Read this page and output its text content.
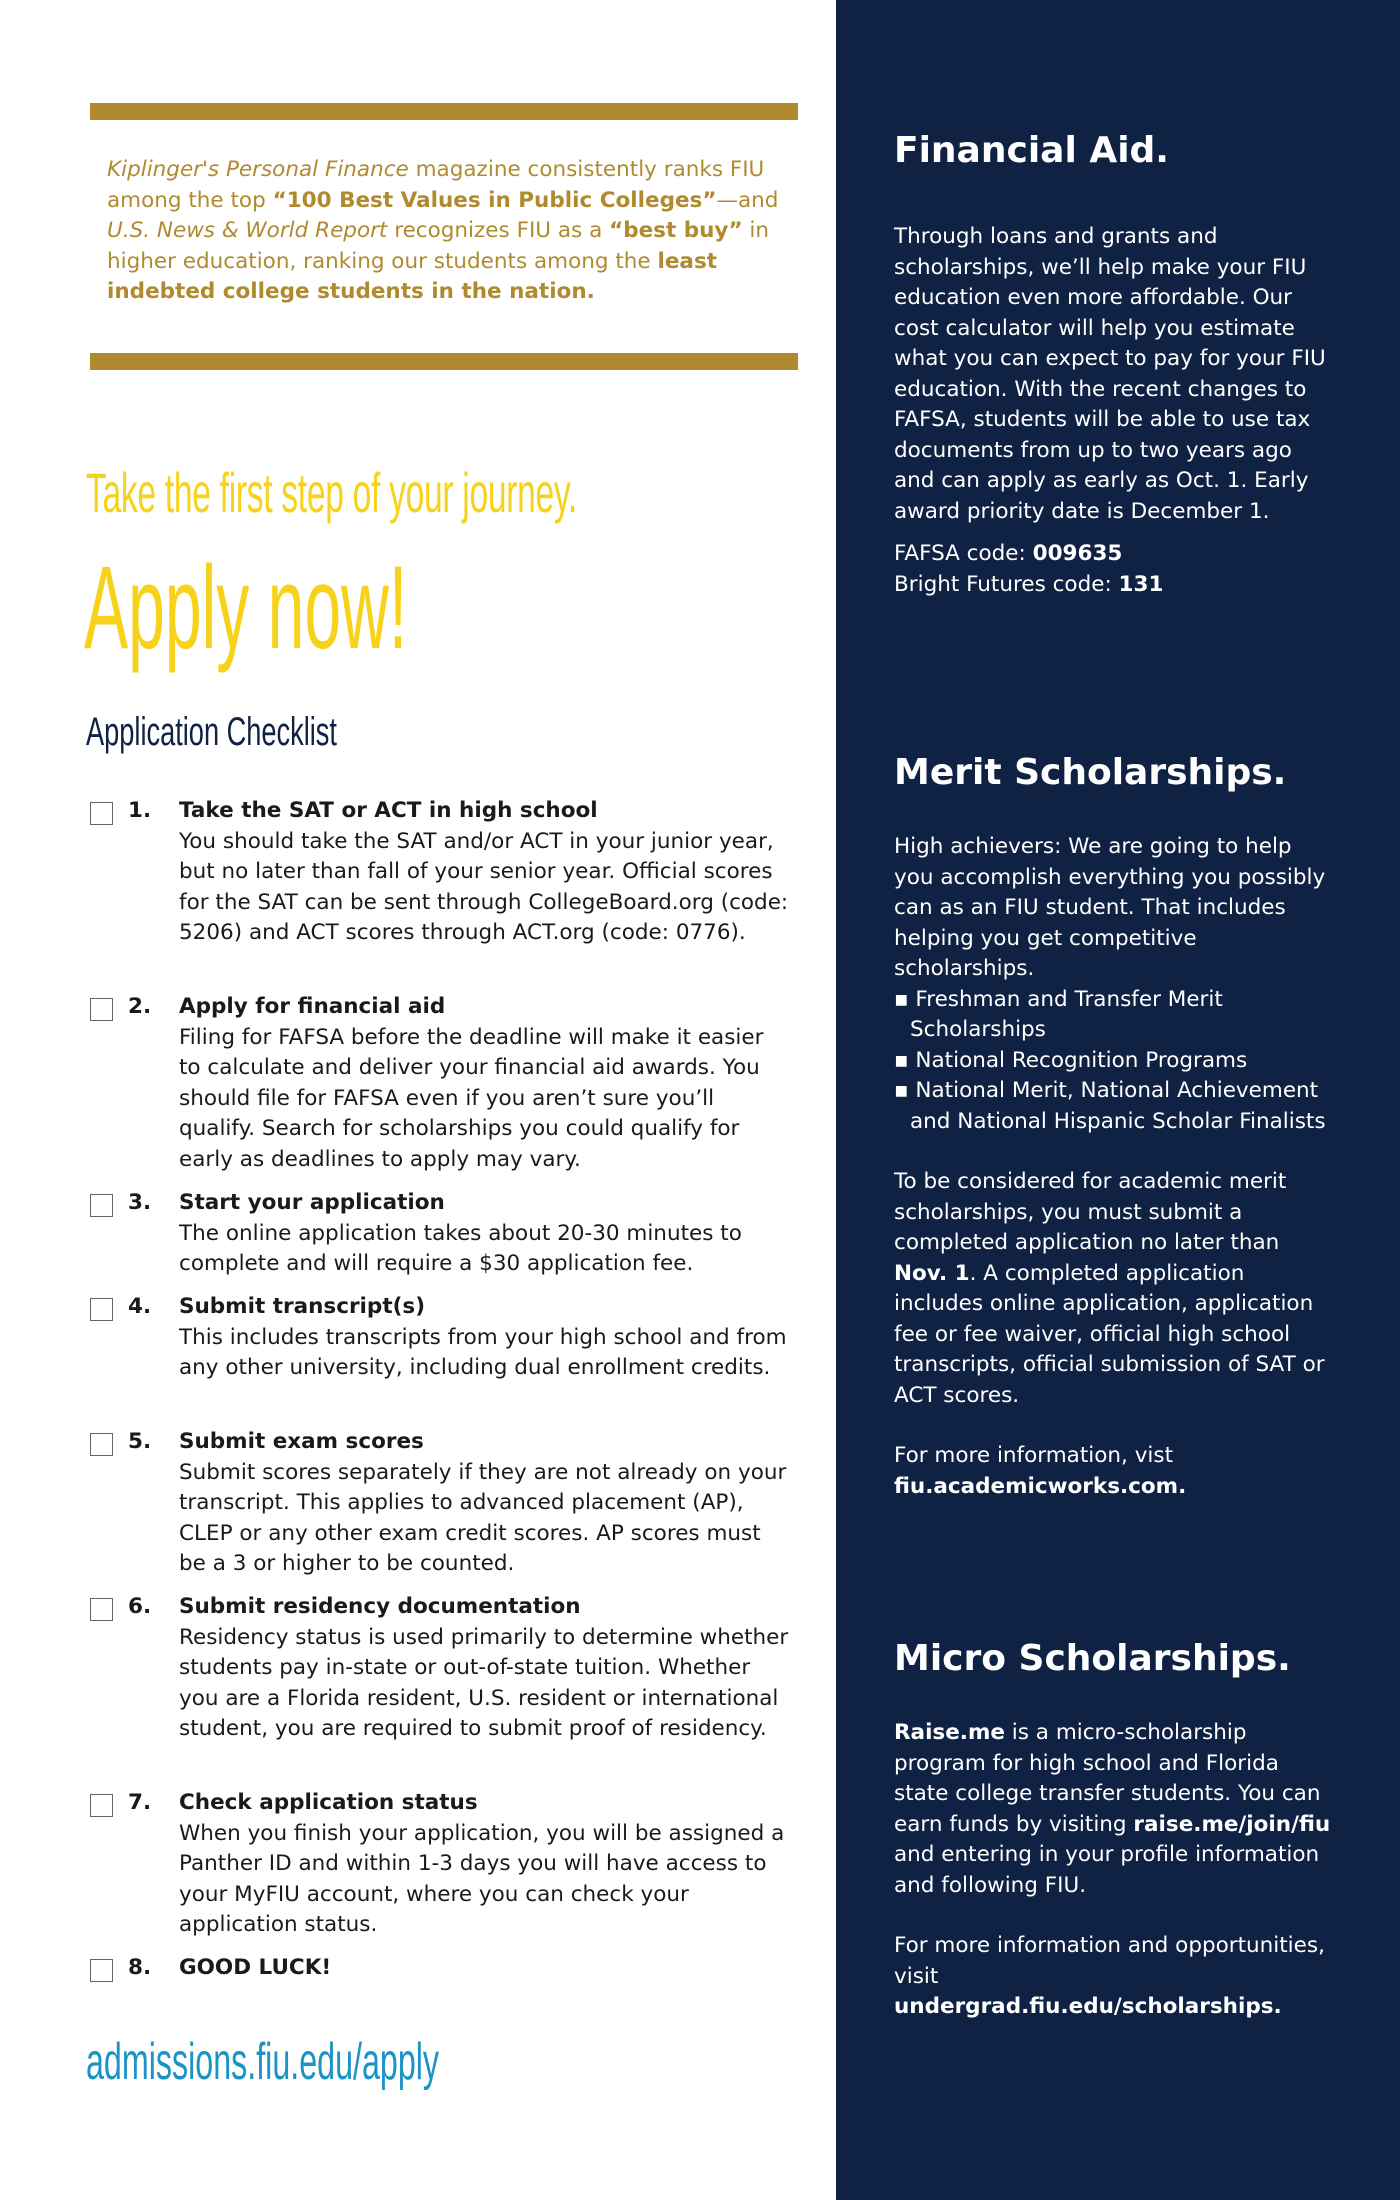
Kiplinger's Personal Finance magazine consistently ranks FIU among the top “100 Best Values in Public Colleges”—and U.S. News & World Report recognizes FIU as a “best buy” in higher education, ranking our students among the least indebted college students in the nation.
Take the first step of your journey.
Apply now!
Application Checklist
1. Take the SAT or ACT in high school
You should take the SAT and/or ACT in your junior year, but no later than fall of your senior year. Official scores for the SAT can be sent through CollegeBoard.org (code: 5206) and ACT scores through ACT.org (code: 0776).
2. Apply for financial aid
Filing for FAFSA before the deadline will make it easier to calculate and deliver your financial aid awards. You should file for FAFSA even if you aren’t sure you’ll qualify. Search for scholarships you could qualify for early as deadlines to apply may vary.
3. Start your application
The online application takes about 20-30 minutes to complete and will require a $30 application fee.
4. Submit transcript(s)
This includes transcripts from your high school and from any other university, including dual enrollment credits.
5. Submit exam scores
Submit scores separately if they are not already on your transcript. This applies to advanced placement (AP), CLEP or any other exam credit scores. AP scores must be a 3 or higher to be counted.
6. Submit residency documentation
Residency status is used primarily to determine whether students pay in-state or out-of-state tuition. Whether you are a Florida resident, U.S. resident or international student, you are required to submit proof of residency.
7. Check application status
When you finish your application, you will be assigned a Panther ID and within 1-3 days you will have access to your MyFIU account, where you can check your application status.
8. GOOD LUCK!
admissions.fiu.edu/apply
Financial Aid.

Through loans and grants and scholarships, we’ll help make your FIU education even more affordable. Our cost calculator will help you estimate what you can expect to pay for your FIU education. With the recent changes to FAFSA, students will be able to use tax documents from up to two years ago and can apply as early as Oct. 1. Early award priority date is December 1.

FAFSA code: 009635

Bright Futures code: 131

Merit Scholarships.

High achievers: We are going to help you accomplish everything you possibly can as an FIU student. That includes helping you get competitive scholarships.

▪ Freshman and Transfer Merit Scholarships
▪ National Recognition Programs
▪ National Merit, National Achievement and National Hispanic Scholar Finalists

To be considered for academic merit scholarships, you must submit a completed application no later than Nov. 1. A completed application includes online application, application fee or fee waiver, official high school transcripts, official submission of SAT or ACT scores.

For more information, vist

fiu.academicworks.com.

Micro Scholarships.

Raise.me is a micro-scholarship program for high school and Florida state college transfer students. You can earn funds by visiting raise.me/join/fiu and entering in your profile information and following FIU.

For more information and opportunities, visit

undergrad.fiu.edu/scholarships.
